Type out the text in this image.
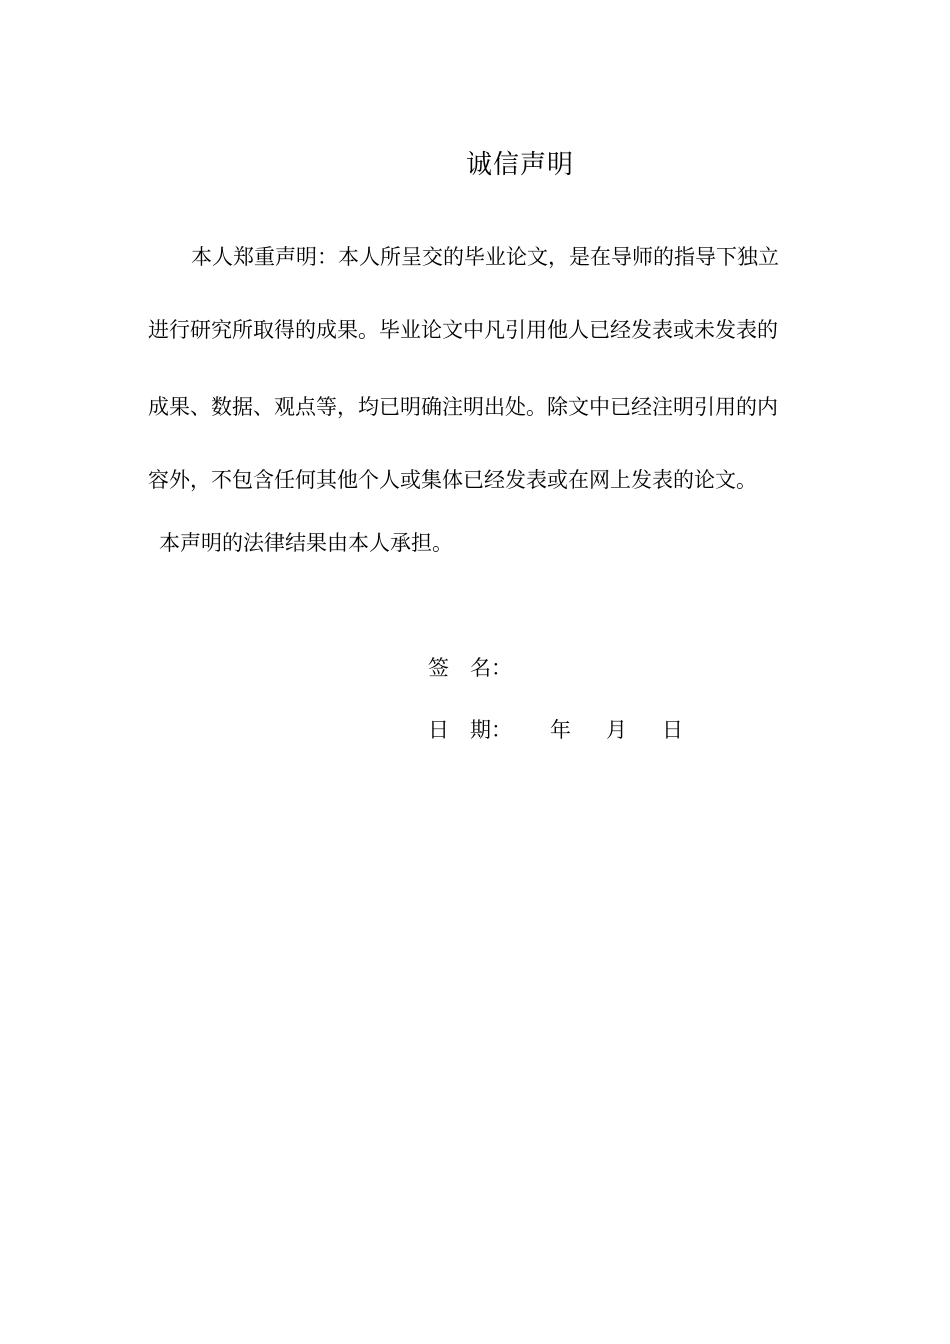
诚信声明
本人郑重声明：本人所呈交的毕业论文，是在导师的指导下独立
进行研究所取得的成果。毕业论文中凡引用他人已经发表或未发表的
成果、数据、观点等，均已明确注明出处。除文中已经注明引用的内
容外，不包含任何其他个人或集体已经发表或在网上发表的论文。
本声明的法律结果由本人承担。
签　名：
日　期： 年 月 日
